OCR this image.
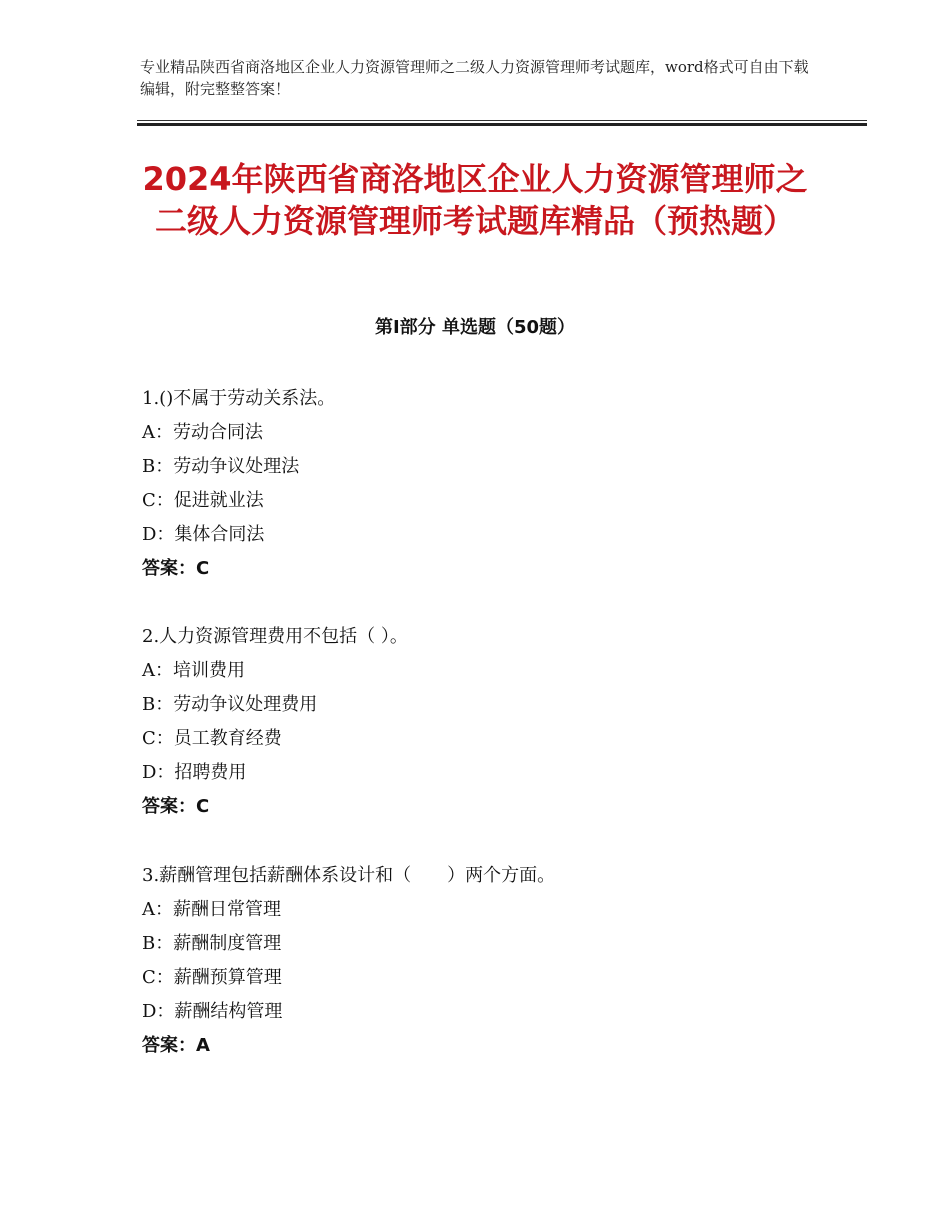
专业精品陕西省商洛地区企业人力资源管理师之二级人力资源管理师考试题库，word格式可自由下载编辑，附完整整答案！
2024年陕西省商洛地区企业人力资源管理师之二级人力资源管理师考试题库精品（预热题）
第Ⅰ部分 单选题（50题）
1.()不属于劳动关系法。
A：劳动合同法
B：劳动争议处理法
C：促进就业法
D：集体合同法
答案：C
2.人力资源管理费用不包括（ ）。
A：培训费用
B：劳动争议处理费用
C：员工教育经费
D：招聘费用
答案：C
3.薪酬管理包括薪酬体系设计和（　　）两个方面。
A：薪酬日常管理
B：薪酬制度管理
C：薪酬预算管理
D：薪酬结构管理
答案：A
